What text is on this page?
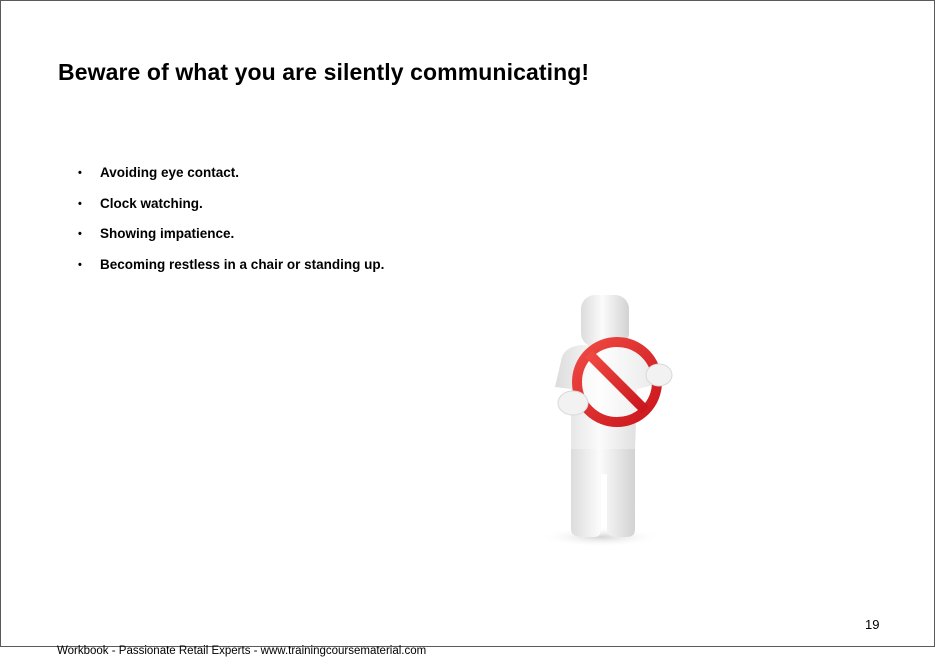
Beware of what you are silently communicating!
• Avoiding eye contact.
• Clock watching.
• Showing impatience.
• Becoming restless in a chair or standing up.
19
Workbook - Passionate Retail Experts - www.trainingcoursematerial.com
